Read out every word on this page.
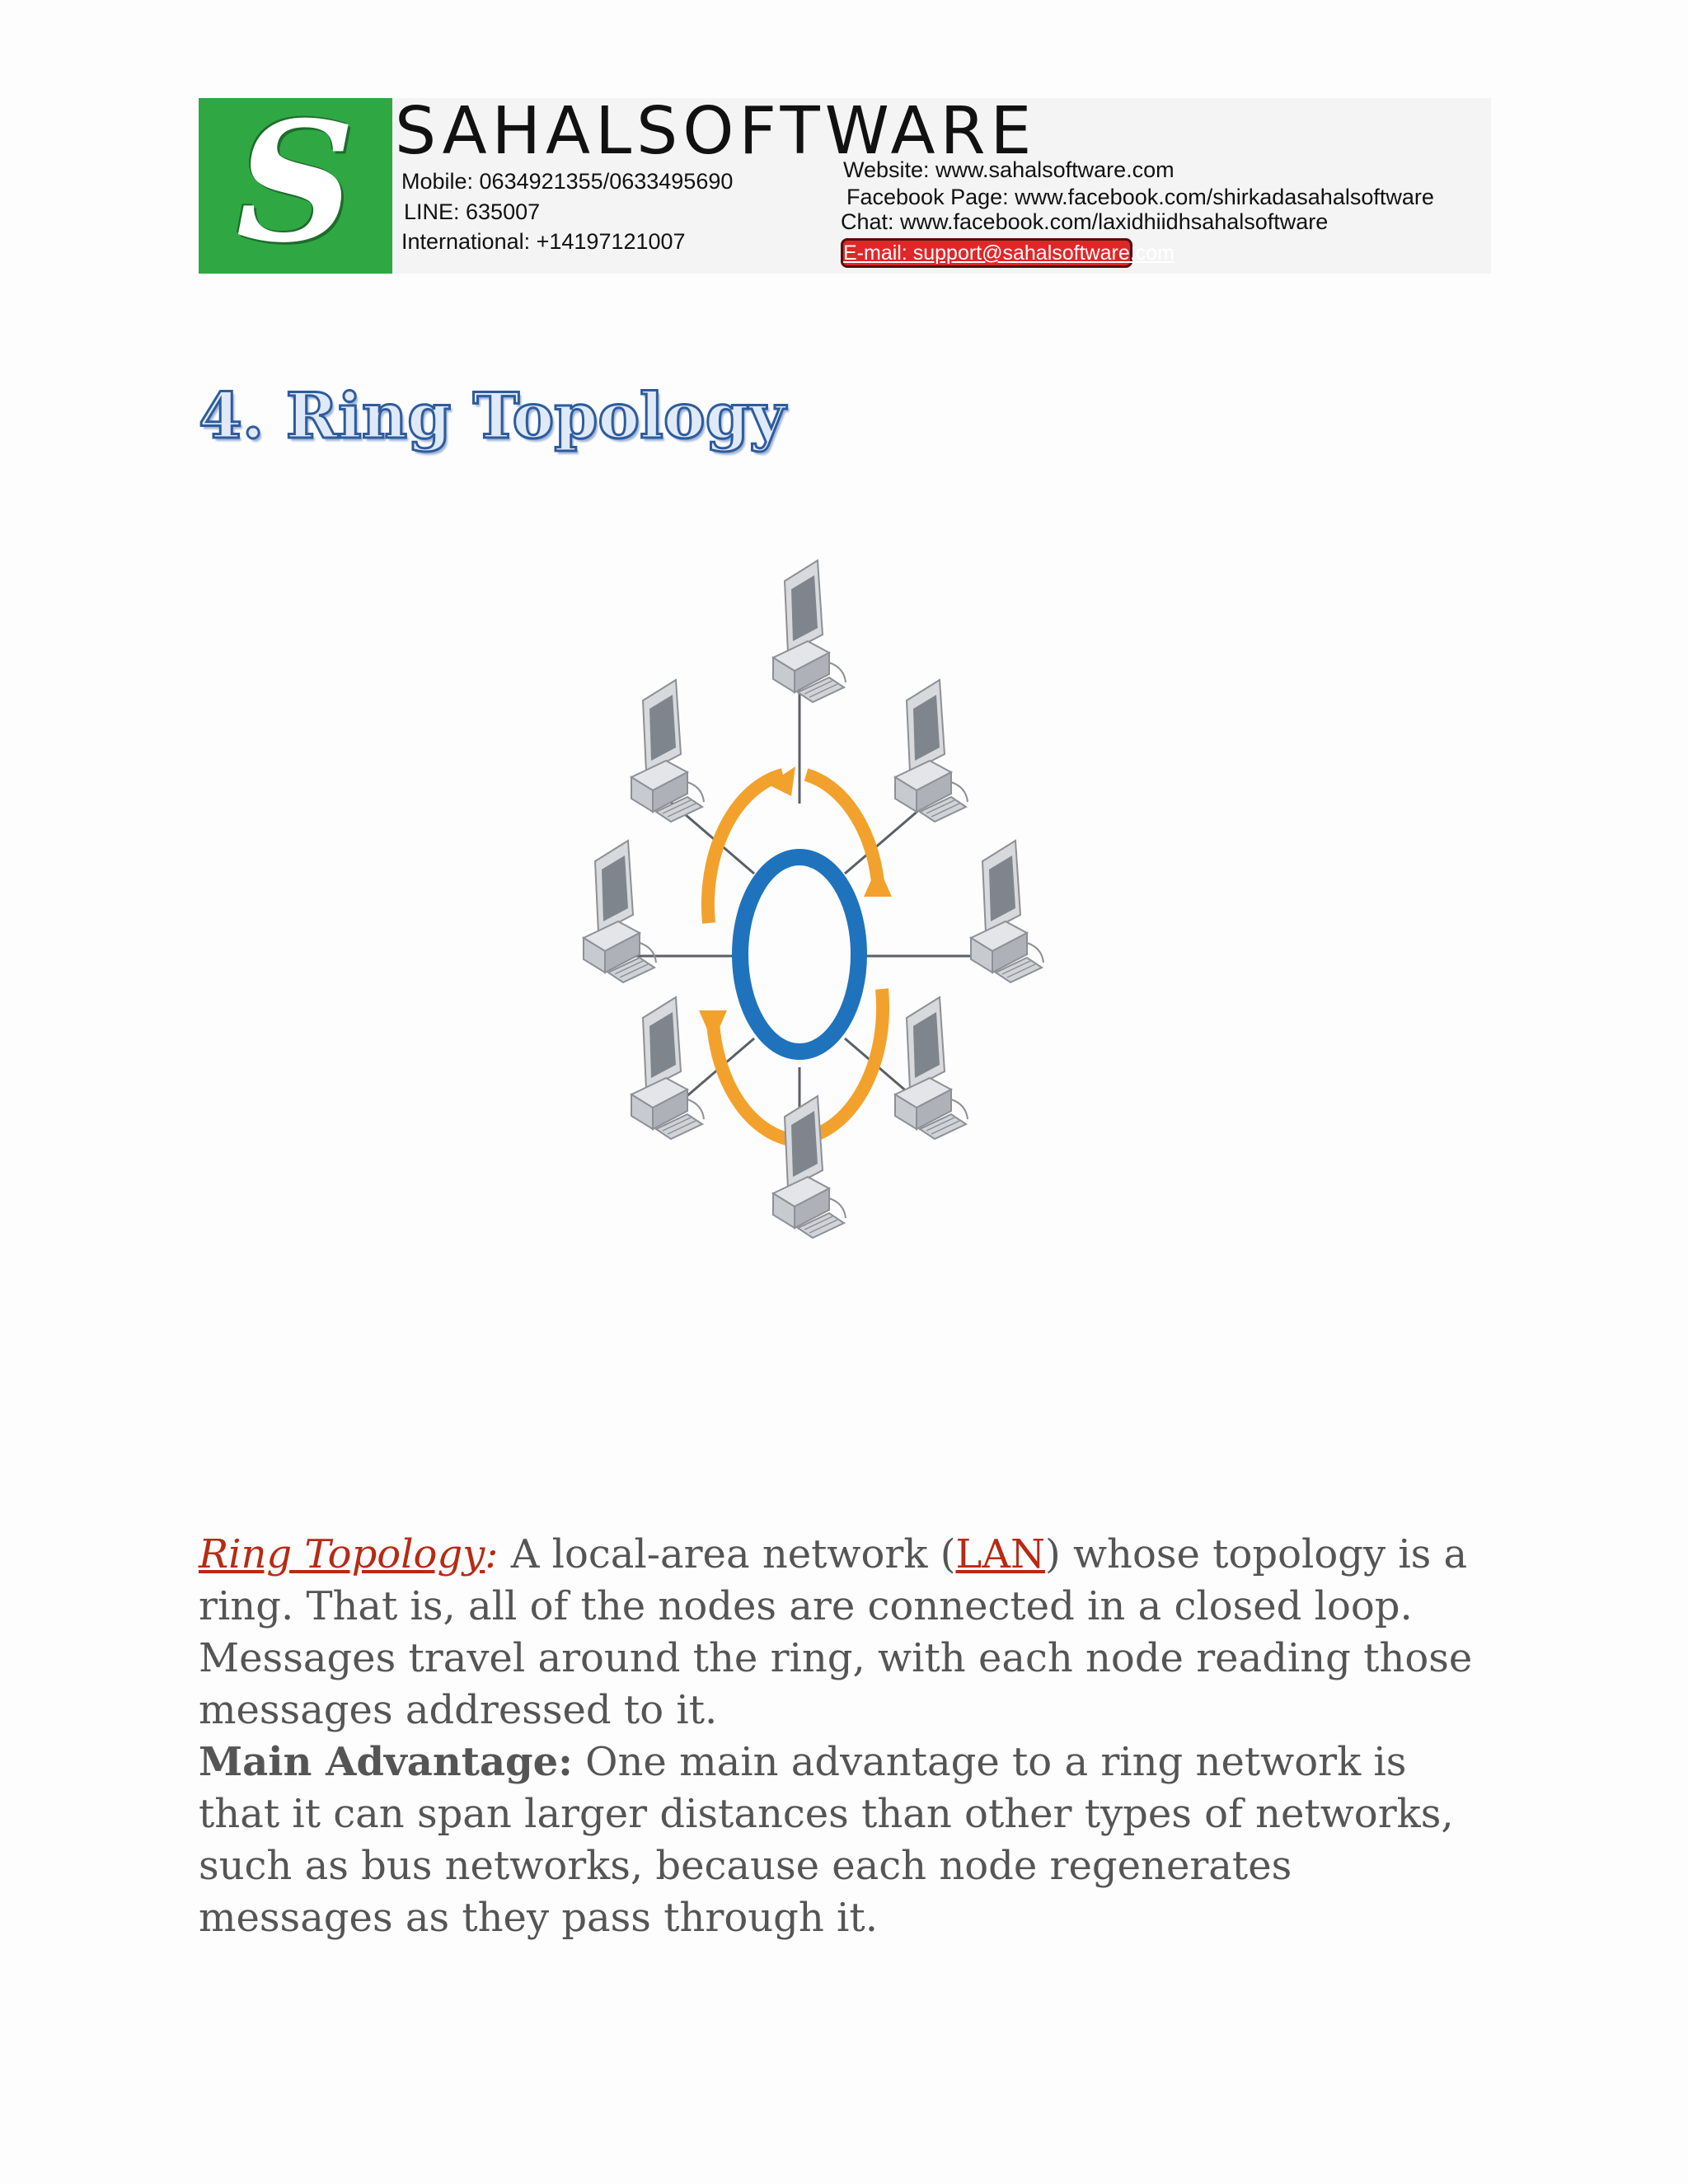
S SAHALSOFTWARE
Mobile: 0634921355/0633495690
LINE: 635007
International: +14197121007
Website: www.sahalsoftware.com
Facebook Page: www.facebook.com/shirkadasahalsoftware
Chat: www.facebook.com/laxidhiidhsahalsoftware
E-mail: support@sahalsoftware.com
4. Ring Topology

Ring Topology: A local-area network (LAN) whose topology is a ring. That is, all of the nodes are connected in a closed loop. Messages travel around the ring, with each node reading those messages addressed to it.

Main Advantage: One main advantage to a ring network is that it can span larger distances than other types of networks, such as bus networks, because each node regenerates messages as they pass through it.
